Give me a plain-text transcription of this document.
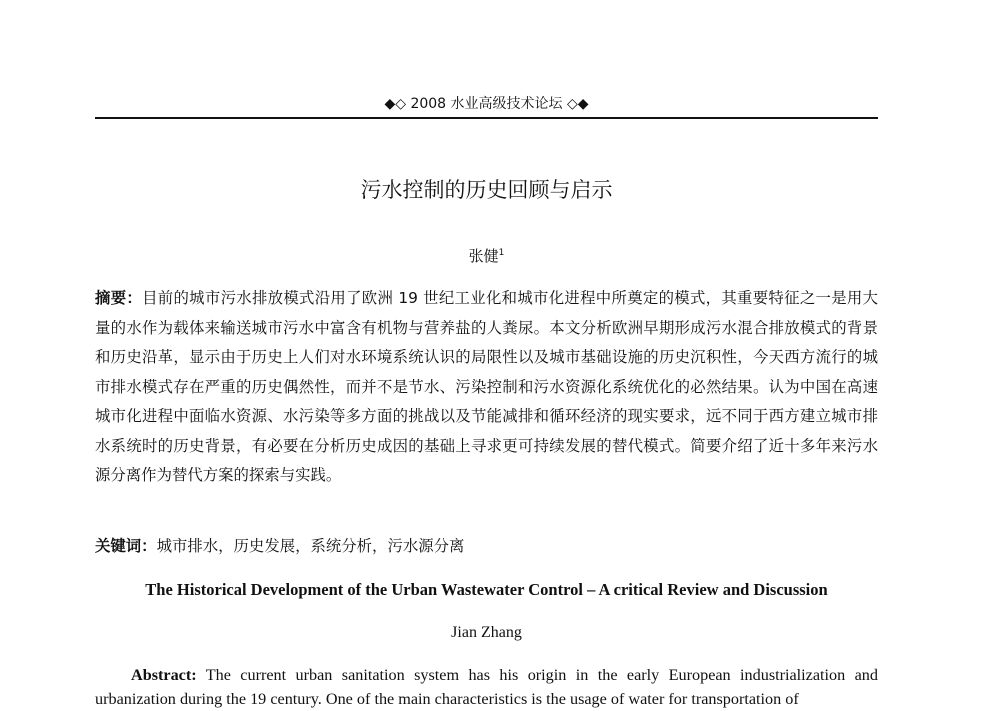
◆◇ 2008 水业高级技术论坛 ◇◆
污水控制的历史回顾与启示
张健$^1$

摘要：目前的城市污水排放模式沿用了欧洲 19 世纪工业化和城市化进程中所奠定的模式，其重要特征之一是用大量的水作为载体来输送城市污水中富含有机物与营养盐的人粪尿。本文分析欧洲早期形成污水混合排放模式的背景和历史沿革，显示由于历史上人们对水环境系统认识的局限性以及城市基础设施的历史沉积性，今天西方流行的城市排水模式存在严重的历史偶然性，而并不是节水、污染控制和污水资源化系统优化的必然结果。认为中国在高速城市化进程中面临水资源、水污染等多方面的挑战以及节能减排和循环经济的现实要求，远不同于西方建立城市排水系统时的历史背景，有必要在分析历史成因的基础上寻求更可持续发展的替代模式。简要介绍了近十多年来污水源分离作为替代方案的探索与实践。

关键词：城市排水，历史发展，系统分析，污水源分离
The Historical Development of the Urban Wastewater Control – A critical Review and Discussion
Jian Zhang

Abstract: The current urban sanitation system has his origin in the early European industrialization and urbanization during the 19 century. One of the main characteristics is the usage of water for transportation of
